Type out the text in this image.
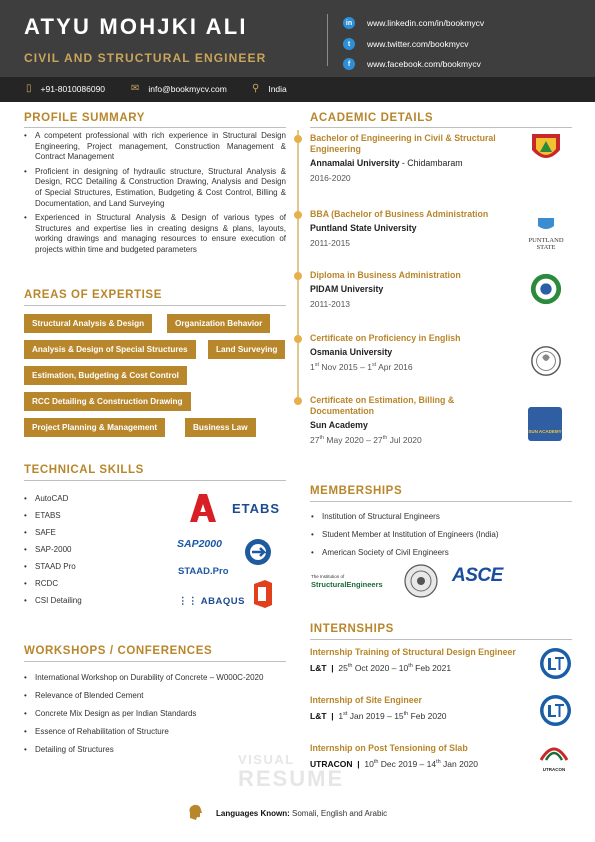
ATYU MOHJKI ALI
CIVIL AND STRUCTURAL ENGINEER
in	www.linkedin.com/in/bookmycv
t	www.twitter.com/bookmycv
f	www.facebook.com/bookmycv
▯ +91-8010086090	✉ info@bookmycv.com	⚲ India
PROFILE SUMMARY
• A competent professional with rich experience in Structural Design Engineering, Project management, Construction Management & Contract Management
• Proficient in designing of hydraulic structure, Structural Analysis & Design, RCC Detailing & Construction Drawing, Analysis and Design of Special Structures, Estimation, Budgeting & Cost Control, Billing & Documentation, and Land Surveying
• Experienced in Structural Analysis & Design of various types of Structures and expertise lies in creating designs & plans, layouts, working drawings and managing resources to ensure execution of projects within time and budgeted parameters
AREAS OF EXPERTISE
Structural Analysis & Design	Organization Behavior
Analysis & Design of Special Structures	Land Surveying
Estimation, Budgeting & Cost Control
RCC Detailing & Construction Drawing
Project Planning & Management	Business Law
TECHNICAL SKILLS
• AutoCAD
• ETABS
• SAFE
• SAP-2000
• STAAD Pro
• RCDC
• CSI Detailing
ETABS
SAP2000
STAAD.Pro
⋮⋮ ABAQUS
WORKSHOPS / CONFERENCES
• International Workshop on Durability of Concrete – W000C-2020
• Relevance of Blended Cement
• Concrete Mix Design as per Indian Standards
• Essence of Rehabilitation of Structure
• Detailing of Structures
VISUAL
RESUME
ACADEMIC DETAILS
Bachelor of Engineering in Civil & Structural Engineering
Annamalai University - Chidambaram
2016-2020
BBA (Bachelor of Business Administration
Puntland State University
2011-2015	PUNTLAND STATE
Diploma in Business Administration
PIDAM University
2011-2013
Certificate on Proficiency in English
Osmania University
1st Nov 2015 – 1st Apr 2016
Certificate on Estimation, Billing & Documentation
Sun Academy
27th May 2020 – 27th Jul 2020
SUN ACADEMY
MEMBERSHIPS
• Institution of Structural Engineers
• Student Member at Institution of Engineers (India)
• American Society of Civil Engineers
The Institution of
StructuralEngineers	ASCE
INTERNSHIPS
Internship Training of Structural Design Engineer
L&T | 25th Oct 2020 – 10th Feb 2021
Internship of Site Engineer
L&T | 1st Jan 2019 – 15th Feb 2020
Internship on Post Tensioning of Slab
UTRACON | 10th Dec 2019 – 14th Jan 2020
UTRACON
Languages Known: Somali, English and Arabic
